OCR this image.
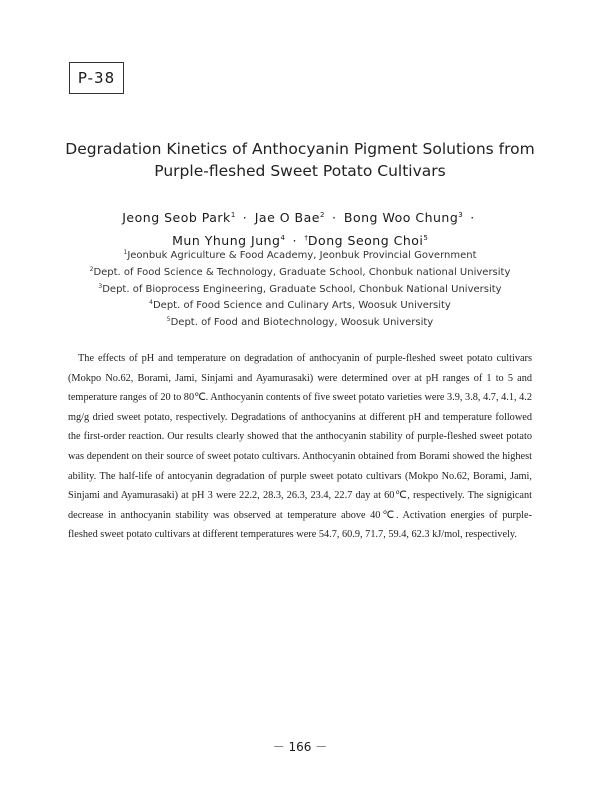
P-38
Degradation Kinetics of Anthocyanin Pigment Solutions from
Purple-fleshed Sweet Potato Cultivars
Jeong Seob Park$^1$ · Jae O Bae$^2$ · Bong Woo Chung$^3$ ·
Mun Yhung Jung$^4$ · †Dong Seong Choi$^5$
$^1$Jeonbuk Agriculture & Food Academy, Jeonbuk Provincial Government
$^2$Dept. of Food Science & Technology, Graduate School, Chonbuk national University
$^3$Dept. of Bioprocess Engineering, Graduate School, Chonbuk National University
$^4$Dept. of Food Science and Culinary Arts, Woosuk University
$^5$Dept. of Food and Biotechnology, Woosuk University
The effects of pH and temperature on degradation of anthocyanin of purple-fleshed sweet potato cultivars (Mokpo No.62, Borami, Jami, Sinjami and Ayamurasaki) were determined over at pH ranges of 1 to 5 and temperature ranges of 20 to 80℃. Anthocyanin contents of five sweet potato varieties were 3.9, 3.8, 4.7, 4.1, 4.2 mg/g dried sweet potato, respectively. Degradations of anthocyanins at different pH and temperature followed the first-order reaction. Our results clearly showed that the anthocyanin stability of purple-fleshed sweet potato was dependent on their source of sweet potato cultivars. Anthocyanin obtained from Borami showed the highest ability. The half-life of antocyanin degradation of purple sweet potato cultivars (Mokpo No.62, Borami, Jami, Sinjami and Ayamurasaki) at pH 3 were 22.2, 28.3, 26.3, 23.4, 22.7 day at 60℃, respectively. The signigicant decrease in anthocyanin stability was observed at temperature above 40℃. Activation energies of purple-fleshed sweet potato cultivars at different temperatures were 54.7, 60.9, 71.7, 59.4, 62.3 kJ/mol, respectively.
－ 166 －
